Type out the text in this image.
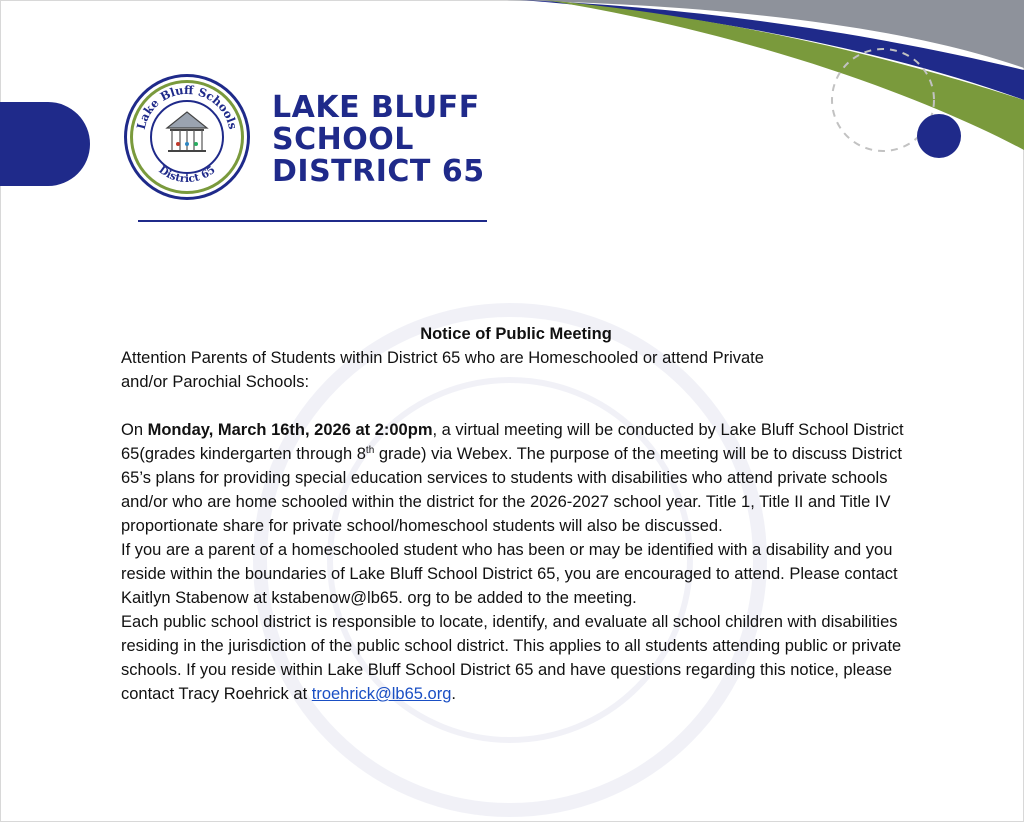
Lake Bluff Schools
District 65
LAKE BLUFF
SCHOOL
DISTRICT 65

Notice of Public Meeting

Attention Parents of Students within District 65 who are Homeschooled or attend Private
and/or Parochial Schools:

On Monday, March 16th, 2026 at 2:00pm, a virtual meeting will be conducted by Lake Bluff School District 65(grades kindergarten through 8th grade) via Webex. The purpose of the meeting will be to discuss District 65’s plans for providing special education services to students with disabilities who attend private schools and/or who are home schooled within the district for the 2026-2027 school year. Title 1, Title II and Title IV proportionate share for private school/homeschool students will also be discussed.

If you are a parent of a homeschooled student who has been or may be identified with a disability and you reside within the boundaries of Lake Bluff School District 65, you are encouraged to attend. Please contact Kaitlyn Stabenow at kstabenow@lb65. org to be added to the meeting.

Each public school district is responsible to locate, identify, and evaluate all school children with disabilities residing in the jurisdiction of the public school district. This applies to all students attending public or private schools. If you reside within Lake Bluff School District 65 and have questions regarding this notice, please contact Tracy Roehrick at troehrick@lb65.org.
